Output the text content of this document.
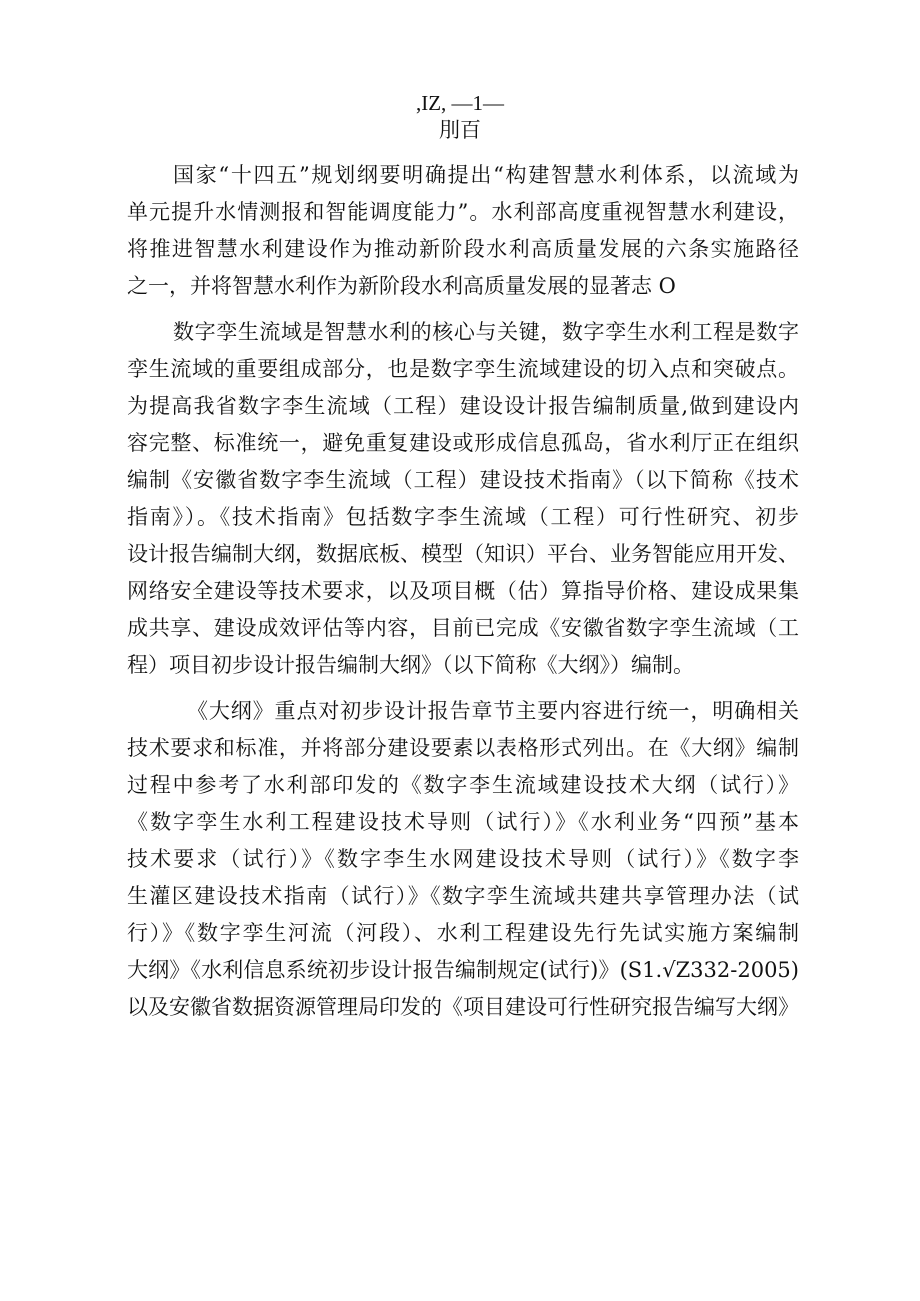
,IZ, —1—
刖百
国家“十四五”规划纲要明确提出“构建智慧水利体系，以流域为
单元提升水情测报和智能调度能力”。水利部高度重视智慧水利建设，
将推进智慧水利建设作为推动新阶段水利高质量发展的六条实施路径
之一，并将智慧水利作为新阶段水利高质量发展的显著志 O
数字孪生流域是智慧水利的核心与关键，数字孪生水利工程是数字
孪生流域的重要组成部分，也是数字孪生流域建设的切入点和突破点。
为提高我省数字李生流域（工程）建设设计报告编制质量,做到建设内
容完整、标准统一，避免重复建设或形成信息孤岛，省水利厅正在组织
编制《安徽省数字李生流域（工程）建设技术指南》（以下简称《技术
指南》）。《技术指南》包括数字李生流域（工程）可行性研究、初步
设计报告编制大纲，数据底板、模型（知识）平台、业务智能应用开发、
网络安全建设等技术要求，以及项目概（估）算指导价格、建设成果集
成共享、建设成效评估等内容，目前已完成《安徽省数字孪生流域（工
程）项目初步设计报告编制大纲》（以下简称《大纲》）编制。
《大纲》重点对初步设计报告章节主要内容进行统一，明确相关
技术要求和标准，并将部分建设要素以表格形式列出。在《大纲》编制
过程中参考了水利部印发的《数字李生流域建设技术大纲（试行）》
《数字孪生水利工程建设技术导则（试行）》《水利业务“四预”基本
技术要求（试行）》《数字李生水网建设技术导则（试行）》《数字李
生灌区建设技术指南（试行）》《数字孪生流域共建共享管理办法（试
行）》《数字孪生河流（河段）、水利工程建设先行先试实施方案编制
大纲》《水利信息系统初步设计报告编制规定(试行)》(S1.√Z332-2005)
以及安徽省数据资源管理局印发的《项目建设可行性研究报告编写大纲》
